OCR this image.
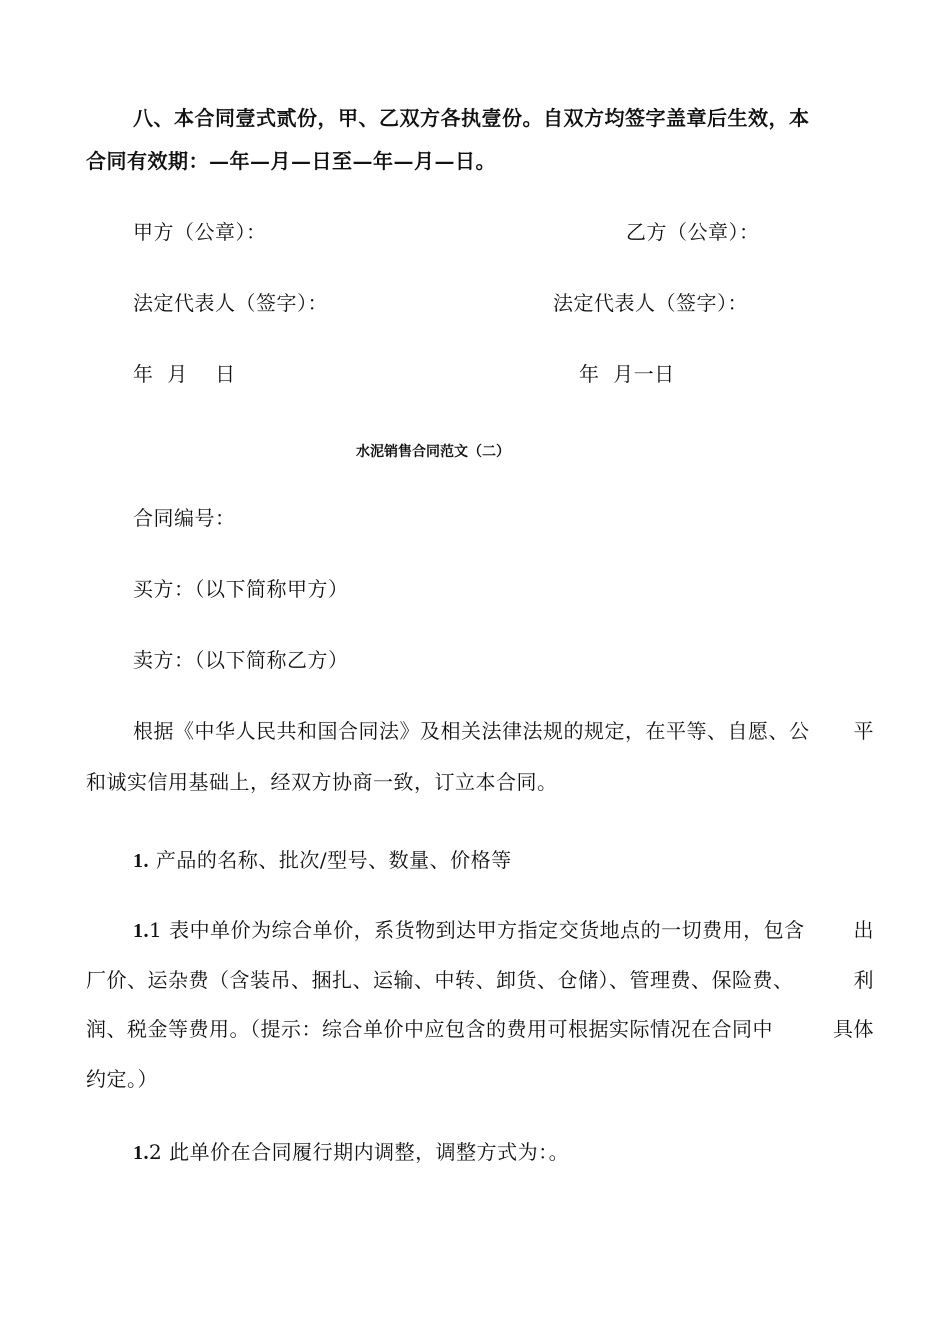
八、本合同壹式贰份，甲、乙双方各执壹份。自双方均签字盖章后生效，本
合同有效期：—年—月—日至—年—月—日。
甲方（公章）：	乙方（公章）：
法定代表人（签字）：	法定代表人（签字）：
年  月    日	年  月一日
水泥销售合同范文（二）
合同编号：
买方：（以下简称甲方）
卖方：（以下简称乙方）
根据《中华人民共和国合同法》及相关法律法规的规定，在平等、自愿、公 平
和诚实信用基础上，经双方协商一致，订立本合同。
1. 产品的名称、批次/型号、数量、价格等
1.1 表中单价为综合单价，系货物到达甲方指定交货地点的一切费用，包含 出
厂价、运杂费（含装吊、捆扎、运输、中转、卸货、仓储）、管理费、保险费、	利
润、税金等费用。（提示：综合单价中应包含的费用可根据实际情况在合同中	具体
约定。）
1.2 此单价在合同履行期内调整，调整方式为：。
